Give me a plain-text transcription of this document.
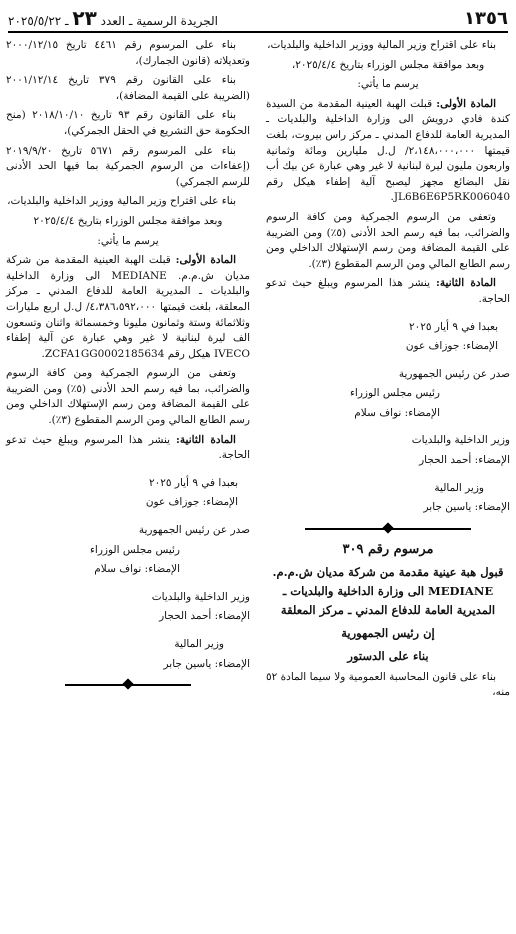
الجريدة الرسمية ـ العدد ٢٣ ـ ٢٠٢٥/٥/٢٢	١٣٥٦

بناء على اقتراح وزير المالية ووزير الداخلية والبلديات،

وبعد موافقة مجلس الوزراء بتاريخ ٢٠٢٥/٤/٤،

يرسم ما يأتي:

المادة الأولى: قبلت الهبة العينية المقدمة من السيدة كندة فادي درويش الى وزارة الداخلية والبلديات ـ المديرية العامة للدفاع المدني ـ مركز راس بيروت، بلغت قيمتها ٢،١٤٨،٠٠٠،٠٠٠/ ل.ل مليارين ومائة وثمانية واربعون مليون ليرة لبنانية لا غير وهي عبارة عن بيك أب نقل البضائع مجهز ليصبح آلية إطفاء هيكل رقم JL6B6E6P5RK006040.

وتعفى من الرسوم الجمركية ومن كافة الرسوم والضرائب، بما فيه رسم الحد الأدنى (٥٪) ومن الضريبة على القيمة المضافة ومن رسم الإستهلاك الداخلي ومن رسم الطابع المالي ومن الرسم المقطوع (٣٪).

المادة الثانية: ينشر هذا المرسوم ويبلغ حيث تدعو الحاجة.

بعبدا في ٩ أيار ٢٠٢٥

الإمضاء: جوزاف عون

صدر عن رئيس الجمهورية

رئيس مجلس الوزراء

الإمضاء: نواف سلام

وزير الداخلية والبلديات

الإمضاء: أحمد الحجار

وزير المالية

الإمضاء: ياسين جابر

مرسوم رقم ٣٠٩

قبول هبة عينية مقدمة من شركة مديان ش.م.م. MEDIANE الى وزارة الداخلية والبلديات ـ المديرية العامة للدفاع المدني ـ مركز المعلقة

إن رئيس الجمهورية

بناء على الدستور

بناء على قانون المحاسبة العمومية ولا سيما المادة ٥٢ منه،

بناء على المرسوم رقم ٤٤٦١ تاريخ ٢٠٠٠/١٢/١٥ وتعديلاته (قانون الجمارك)،

بناء على القانون رقم ٣٧٩ تاريخ ٢٠٠١/١٢/١٤ (الضريبة على القيمة المضافة)،

بناء على القانون رقم ٩٣ تاريخ ٢٠١٨/١٠/١٠ (منح الحكومة حق التشريع في الحقل الجمركي)،

بناء على المرسوم رقم ٥٦٧١ تاريخ ٢٠١٩/٩/٢٠ (إعفاءات من الرسوم الجمركية بما فيها الحد الأدنى للرسم الجمركي)

بناء على اقتراح وزير المالية ووزير الداخلية والبلديات،

وبعد موافقة مجلس الوزراء بتاريخ ٢٠٢٥/٤/٤

يرسم ما يأتي:

المادة الأولى: قبلت الهبة العينية المقدمة من شركة مديان ش.م.م. MEDIANE الى وزارة الداخلية والبلديات ـ المديرية العامة للدفاع المدني ـ مركز المعلقة، بلغت قيمتها ٤،٣٨٦،٥٩٢،٠٠٠/ ل.ل اربع مليارات وثلاثمائة وستة وثمانون مليونا وخمسمائة واثنان وتسعون الف ليرة لبنانية لا غير وهي عبارة عن آلية إطفاء IVECO هيكل رقم ZCFA1GG0002185634.

وتعفى من الرسوم الجمركية ومن كافة الرسوم والضرائب، بما فيه رسم الحد الأدنى (٥٪) ومن الضريبة على القيمة المضافة ومن رسم الإستهلاك الداخلي ومن رسم الطابع المالي ومن الرسم المقطوع (٣٪).

المادة الثانية: ينشر هذا المرسوم ويبلغ حيث تدعو الحاجة.

بعبدا في ٩ أيار ٢٠٢٥

الإمضاء: جوزاف عون

صدر عن رئيس الجمهورية

رئيس مجلس الوزراء

الإمضاء: نواف سلام

وزير الداخلية والبلديات

الإمضاء: أحمد الحجار

وزير المالية

الإمضاء: ياسين جابر
